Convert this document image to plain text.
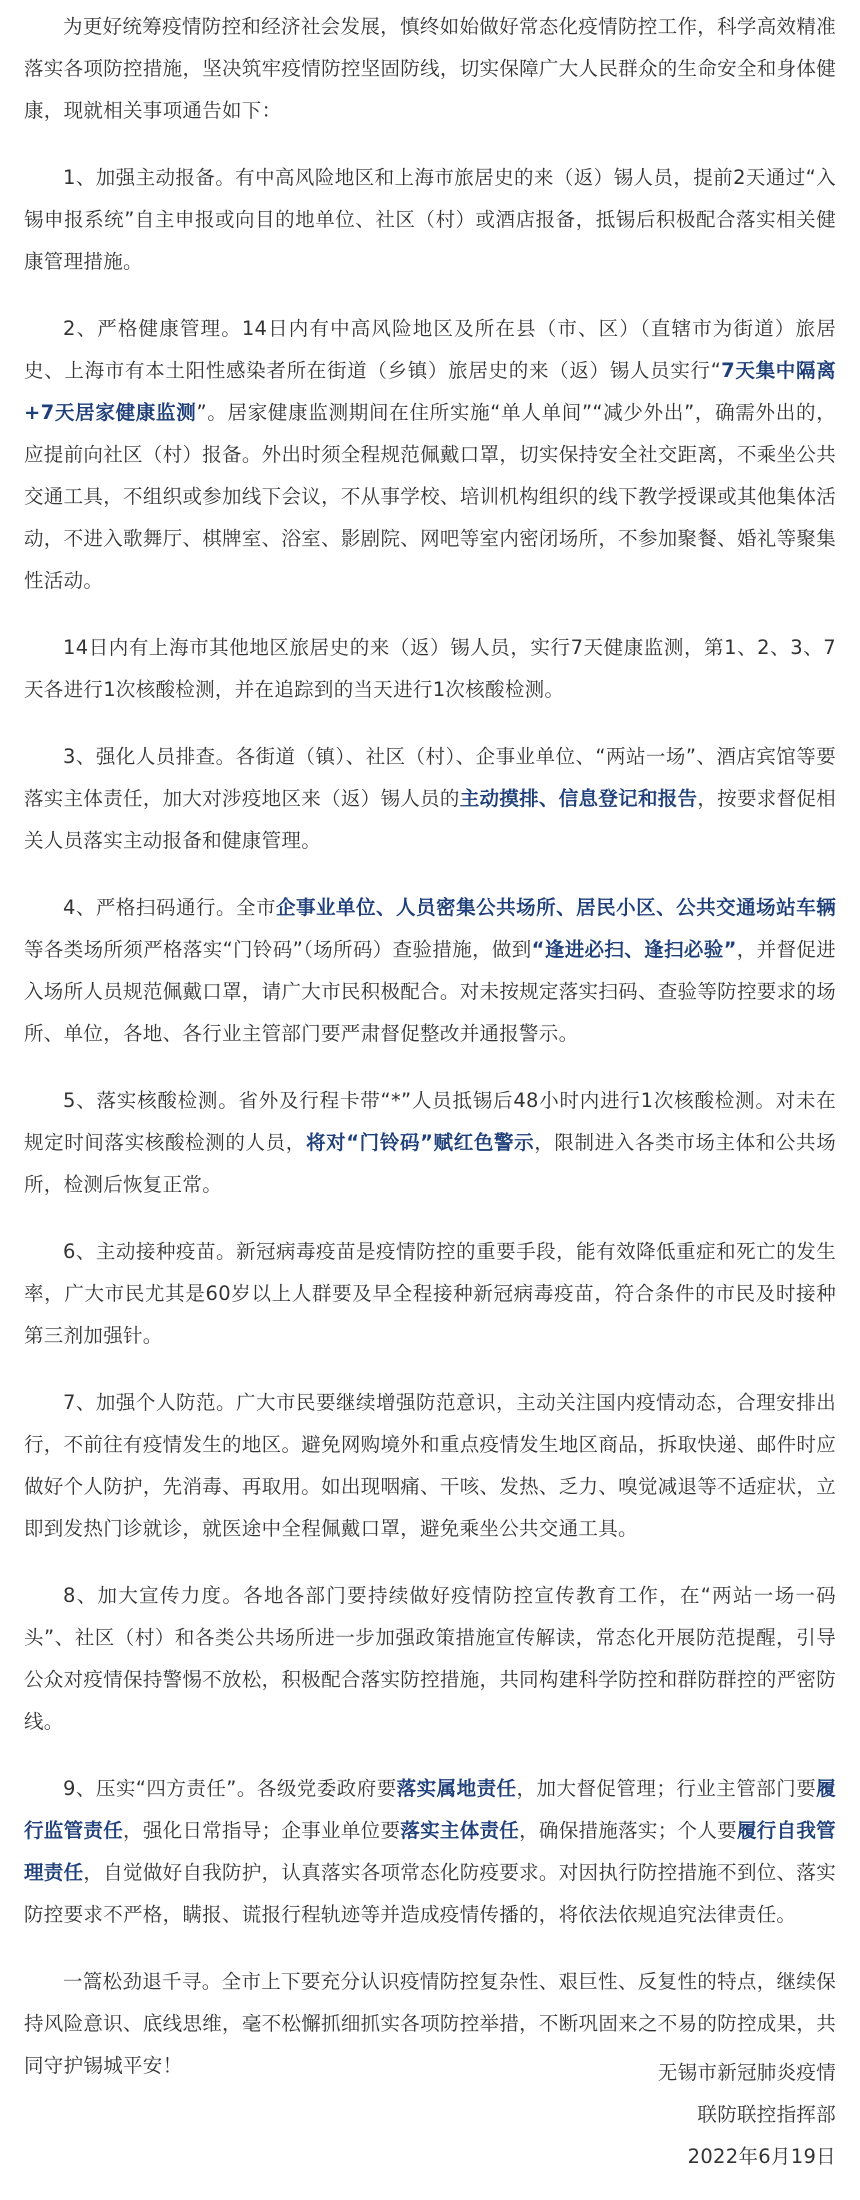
为更好统筹疫情防控和经济社会发展，慎终如始做好常态化疫情防控工作，科学高效精准落实各项防控措施，坚决筑牢疫情防控坚固防线，切实保障广大人民群众的生命安全和身体健康，现就相关事项通告如下：

1、加强主动报备。有中高风险地区和上海市旅居史的来（返）锡人员，提前2天通过“入锡申报系统”自主申报或向目的地单位、社区（村）或酒店报备，抵锡后积极配合落实相关健康管理措施。

2、严格健康管理。14日内有中高风险地区及所在县（市、区）（直辖市为街道）旅居史、上海市有本土阳性感染者所在街道（乡镇）旅居史的来（返）锡人员实行“7天集中隔离+7天居家健康监测”。居家健康监测期间在住所实施“单人单间”“减少外出”，确需外出的，应提前向社区（村）报备。外出时须全程规范佩戴口罩，切实保持安全社交距离，不乘坐公共交通工具，不组织或参加线下会议，不从事学校、培训机构组织的线下教学授课或其他集体活动，不进入歌舞厅、棋牌室、浴室、影剧院、网吧等室内密闭场所，不参加聚餐、婚礼等聚集性活动。

14日内有上海市其他地区旅居史的来（返）锡人员，实行7天健康监测，第1、2、3、7天各进行1次核酸检测，并在追踪到的当天进行1次核酸检测。

3、强化人员排查。各街道（镇）、社区（村）、企事业单位、“两站一场”、酒店宾馆等要落实主体责任，加大对涉疫地区来（返）锡人员的主动摸排、信息登记和报告，按要求督促相关人员落实主动报备和健康管理。

4、严格扫码通行。全市企事业单位、人员密集公共场所、居民小区、公共交通场站车辆等各类场所须严格落实“门铃码”（场所码）查验措施，做到“逢进必扫、逢扫必验”，并督促进入场所人员规范佩戴口罩，请广大市民积极配合。对未按规定落实扫码、查验等防控要求的场所、单位，各地、各行业主管部门要严肃督促整改并通报警示。

5、落实核酸检测。省外及行程卡带“*”人员抵锡后48小时内进行1次核酸检测。对未在规定时间落实核酸检测的人员，将对“门铃码”赋红色警示，限制进入各类市场主体和公共场所，检测后恢复正常。

6、主动接种疫苗。新冠病毒疫苗是疫情防控的重要手段，能有效降低重症和死亡的发生率，广大市民尤其是60岁以上人群要及早全程接种新冠病毒疫苗，符合条件的市民及时接种第三剂加强针。

7、加强个人防范。广大市民要继续增强防范意识，主动关注国内疫情动态，合理安排出行，不前往有疫情发生的地区。避免网购境外和重点疫情发生地区商品，拆取快递、邮件时应做好个人防护，先消毒、再取用。如出现咽痛、干咳、发热、乏力、嗅觉减退等不适症状，立即到发热门诊就诊，就医途中全程佩戴口罩，避免乘坐公共交通工具。

8、加大宣传力度。各地各部门要持续做好疫情防控宣传教育工作，在“两站一场一码头”、社区（村）和各类公共场所进一步加强政策措施宣传解读，常态化开展防范提醒，引导公众对疫情保持警惕不放松，积极配合落实防控措施，共同构建科学防控和群防群控的严密防线。

9、压实“四方责任”。各级党委政府要落实属地责任，加大督促管理；行业主管部门要履行监管责任，强化日常指导；企事业单位要落实主体责任，确保措施落实；个人要履行自我管理责任，自觉做好自我防护，认真落实各项常态化防疫要求。对因执行防控措施不到位、落实防控要求不严格，瞒报、谎报行程轨迹等并造成疫情传播的，将依法依规追究法律责任。

一篙松劲退千寻。全市上下要充分认识疫情防控复杂性、艰巨性、反复性的特点，继续保持风险意识、底线思维，毫不松懈抓细抓实各项防控举措，不断巩固来之不易的防控成果，共同守护锡城平安！	无锡市新冠肺炎疫情
联防联控指挥部
2022年6月19日
